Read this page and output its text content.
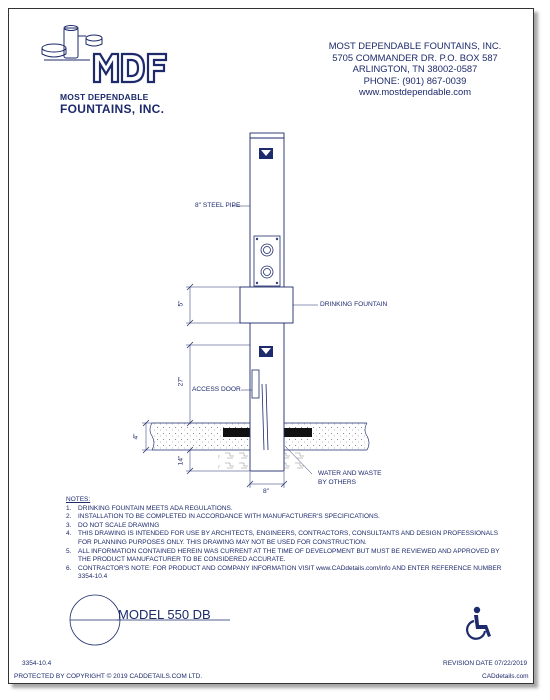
MOST DEPENDABLE
FOUNTAINS, INC.
MOST DEPENDABLE FOUNTAINS, INC.
5705 COMMANDER DR. P.O. BOX 587
ARLINGTON, TN 38002-0587
PHONE: (901) 867-0039
www.mostdependable.com
8" STEEL PIPE
DRINKING FOUNTAIN
ACCESS DOOR
WATER AND WASTE
BY OTHERS
5"
27"
4"
14"
8"
NOTES:
1.	DRINKING FOUNTAIN MEETS ADA REGULATIONS.
2.	INSTALLATION TO BE COMPLETED IN ACCORDANCE WITH MANUFACTURER'S SPECIFICATIONS.
3.	DO NOT SCALE DRAWING
4.	THIS DRAWING IS INTENDED FOR USE BY ARCHITECTS, ENGINEERS, CONTRACTORS, CONSULTANTS AND DESIGN PROFESSIONALS FOR PLANNING PURPOSES ONLY. THIS DRAWING MAY NOT BE USED FOR CONSTRUCTION.
5.	ALL INFORMATION CONTAINED HEREIN WAS CURRENT AT THE TIME OF DEVELOPMENT BUT MUST BE REVIEWED AND APPROVED BY THE PRODUCT MANUFACTURER TO BE CONSIDERED ACCURATE.
6.	CONTRACTOR'S NOTE: FOR PRODUCT AND COMPANY INFORMATION VISIT www.CADdetails.com/info AND ENTER REFERENCE NUMBER 3354-10.4
MODEL 550 DB
3354-10.4	REVISION DATE 07/22/2019
PROTECTED BY COPYRIGHT © 2019 CADDETAILS.COM LTD.	CADdetails.com
